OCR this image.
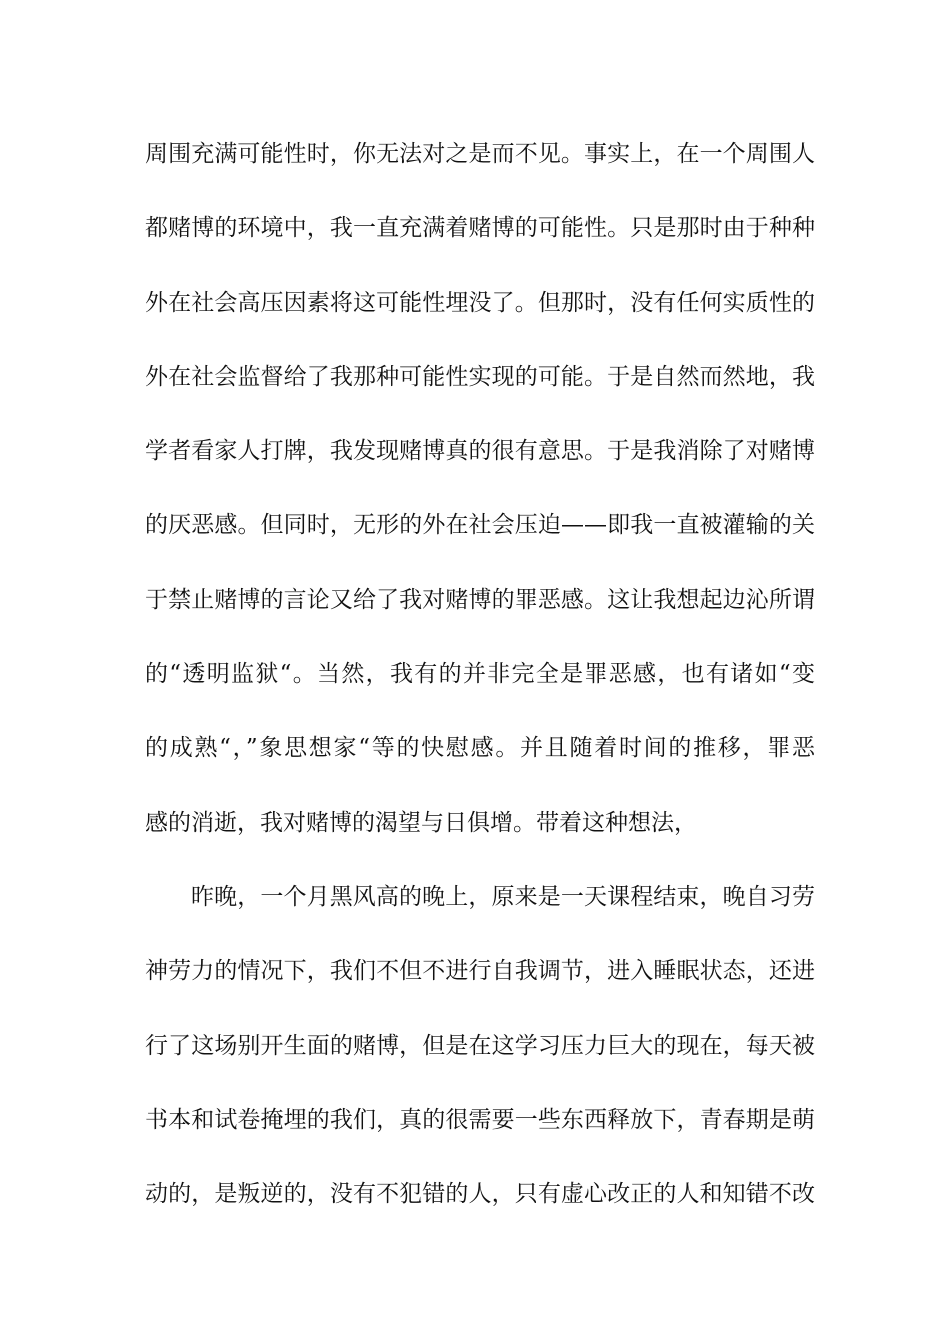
周围充满可能性时，你无法对之是而不见。事实上，在一个周围人
都赌博的环境中，我一直充满着赌博的可能性。只是那时由于种种
外在社会高压因素将这可能性埋没了。但那时，没有任何实质性的
外在社会监督给了我那种可能性实现的可能。于是自然而然地，我
学者看家人打牌，我发现赌博真的很有意思。于是我消除了对赌博
的厌恶感。但同时，无形的外在社会压迫——即我一直被灌输的关
于禁止赌博的言论又给了我对赌博的罪恶感。这让我想起边沁所谓
的“透明监狱“。当然，我有的并非完全是罪恶感，也有诸如“变
的成熟“，”象思想家“等的快慰感。并且随着时间的推移，罪恶
感的消逝，我对赌博的渴望与日俱增。带着这种想法，
昨晚，一个月黑风高的晚上，原来是一天课程结束，晚自习劳
神劳力的情况下，我们不但不进行自我调节，进入睡眠状态，还进
行了这场别开生面的赌博，但是在这学习压力巨大的现在，每天被
书本和试卷掩埋的我们，真的很需要一些东西释放下，青春期是萌
动的，是叛逆的，没有不犯错的人，只有虚心改正的人和知错不改
